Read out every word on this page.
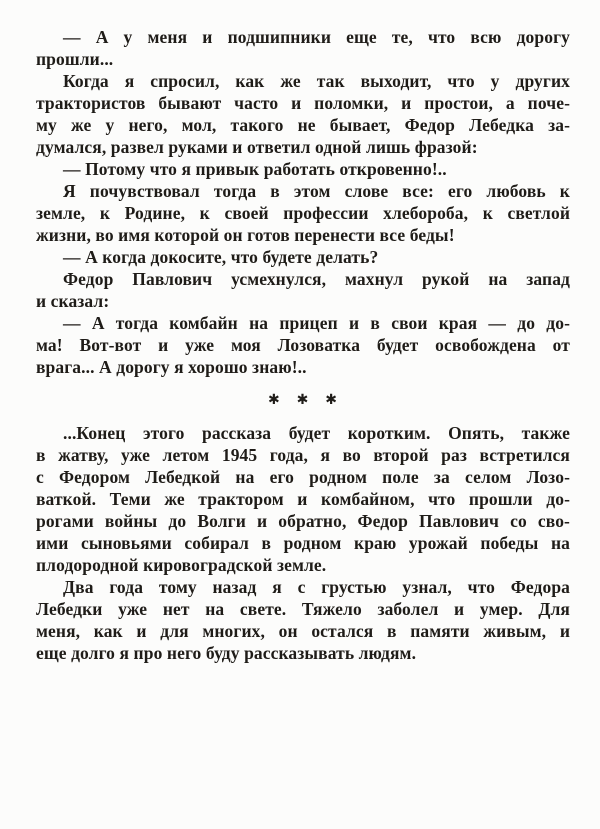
— А у меня и подшипники еще те, что всю дорогу
прошли...
Когда я спросил, как же так выходит, что у других
трактористов бывают часто и поломки, и простои, а поче-
му же у него, мол, такого не бывает, Федор Лебедка за-
думался, развел руками и ответил одной лишь фразой:
— Потому что я привык работать откровенно!..
Я почувствовал тогда в этом слове все: его любовь к
земле, к Родине, к своей профессии хлебороба, к светлой
жизни, во имя которой он готов перенести все беды!
— А когда докосите, что будете делать?
Федор Павлович усмехнулся, махнул рукой на запад
и сказал:
— А тогда комбайн на прицеп и в свои края — до до-
ма! Вот-вот и уже моя Лозоватка будет освобождена от
врага... А дорогу я хорошо знаю!..
✱ ✱ ✱
...Конец этого рассказа будет коротким. Опять, также
в жатву, уже летом 1945 года, я во второй раз встретился
с Федором Лебедкой на его родном поле за селом Лозо-
ваткой. Теми же трактором и комбайном, что прошли до-
рогами войны до Волги и обратно, Федор Павлович со сво-
ими сыновьями собирал в родном краю урожай победы на
плодородной кировоградской земле.
Два года тому назад я с грустью узнал, что Федора
Лебедки уже нет на свете. Тяжело заболел и умер. Для
меня, как и для многих, он остался в памяти живым, и
еще долго я про него буду рассказывать людям.
